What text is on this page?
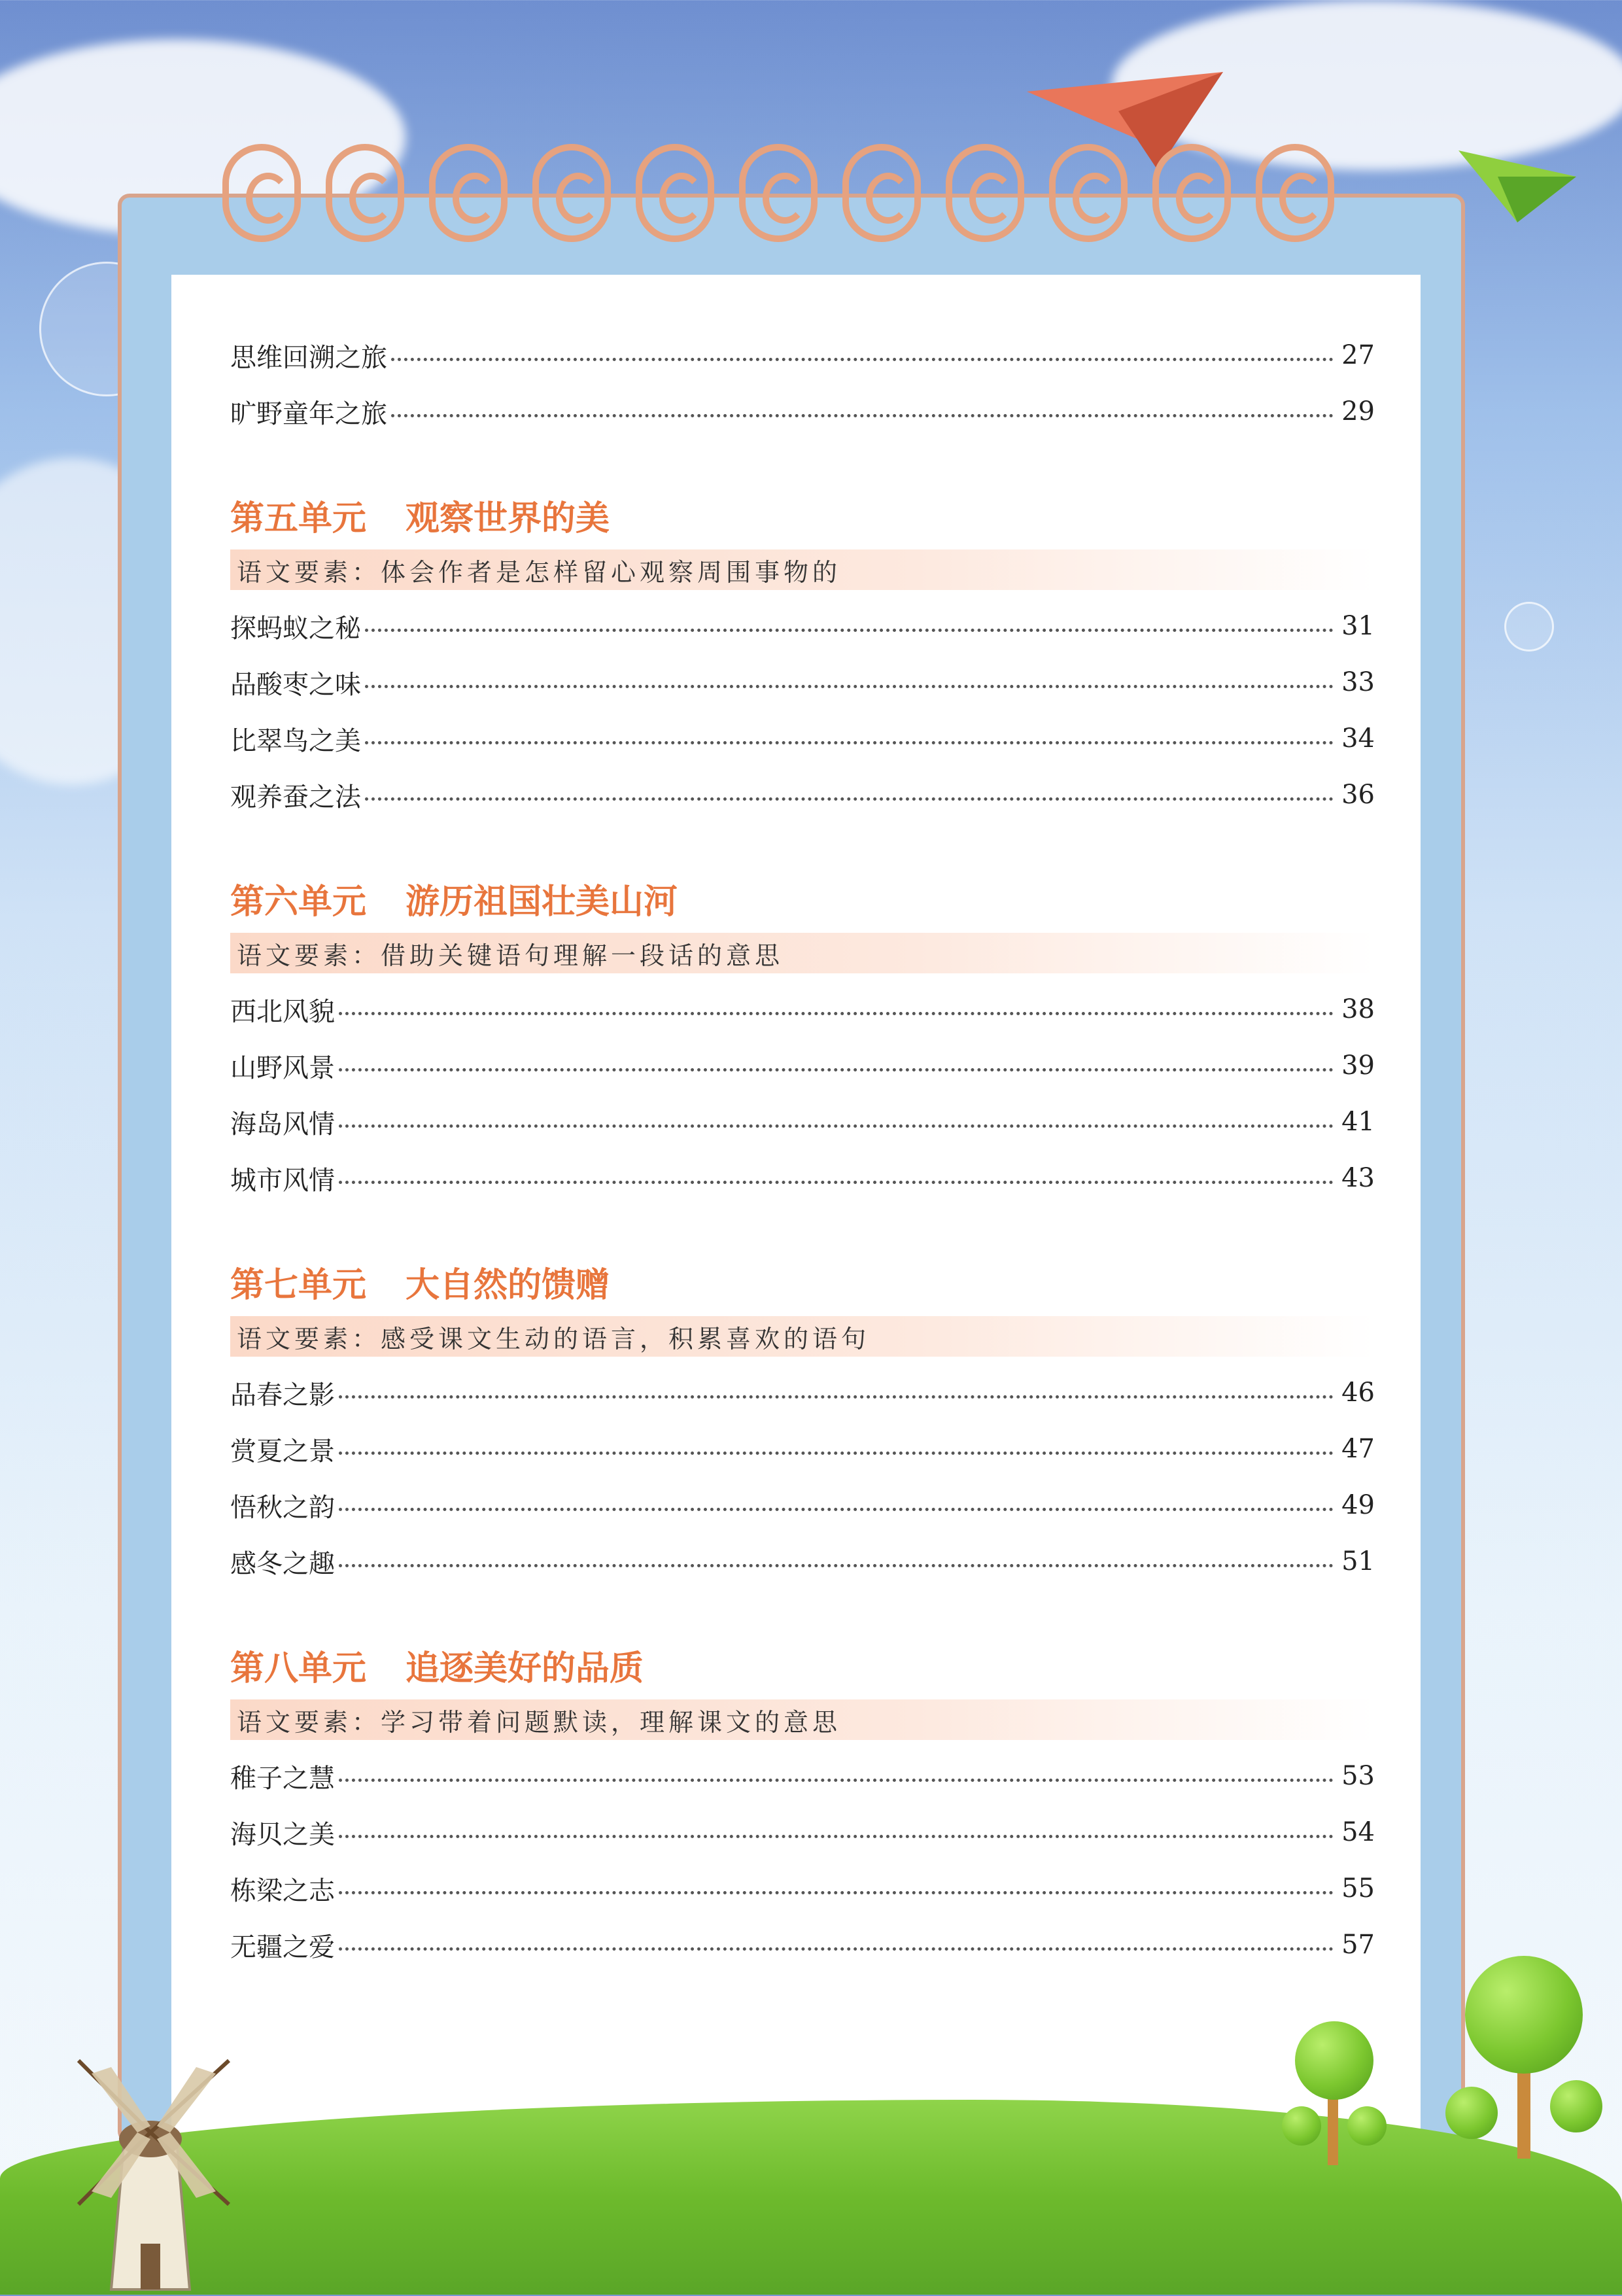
思维回溯之旅	27
旷野童年之旅	29
第五单元 观察世界的美
语文要素：体会作者是怎样留心观察周围事物的
探蚂蚁之秘	31
品酸枣之味	33
比翠鸟之美	34
观养蚕之法	36
第六单元 游历祖国壮美山河
语文要素：借助关键语句理解一段话的意思
西北风貌	38
山野风景	39
海岛风情	41
城市风情	43
第七单元 大自然的馈赠
语文要素：感受课文生动的语言，积累喜欢的语句
品春之影	46
赏夏之景	47
悟秋之韵	49
感冬之趣	51
第八单元 追逐美好的品质
语文要素：学习带着问题默读，理解课文的意思
稚子之慧	53
海贝之美	54
栋梁之志	55
无疆之爱	57
